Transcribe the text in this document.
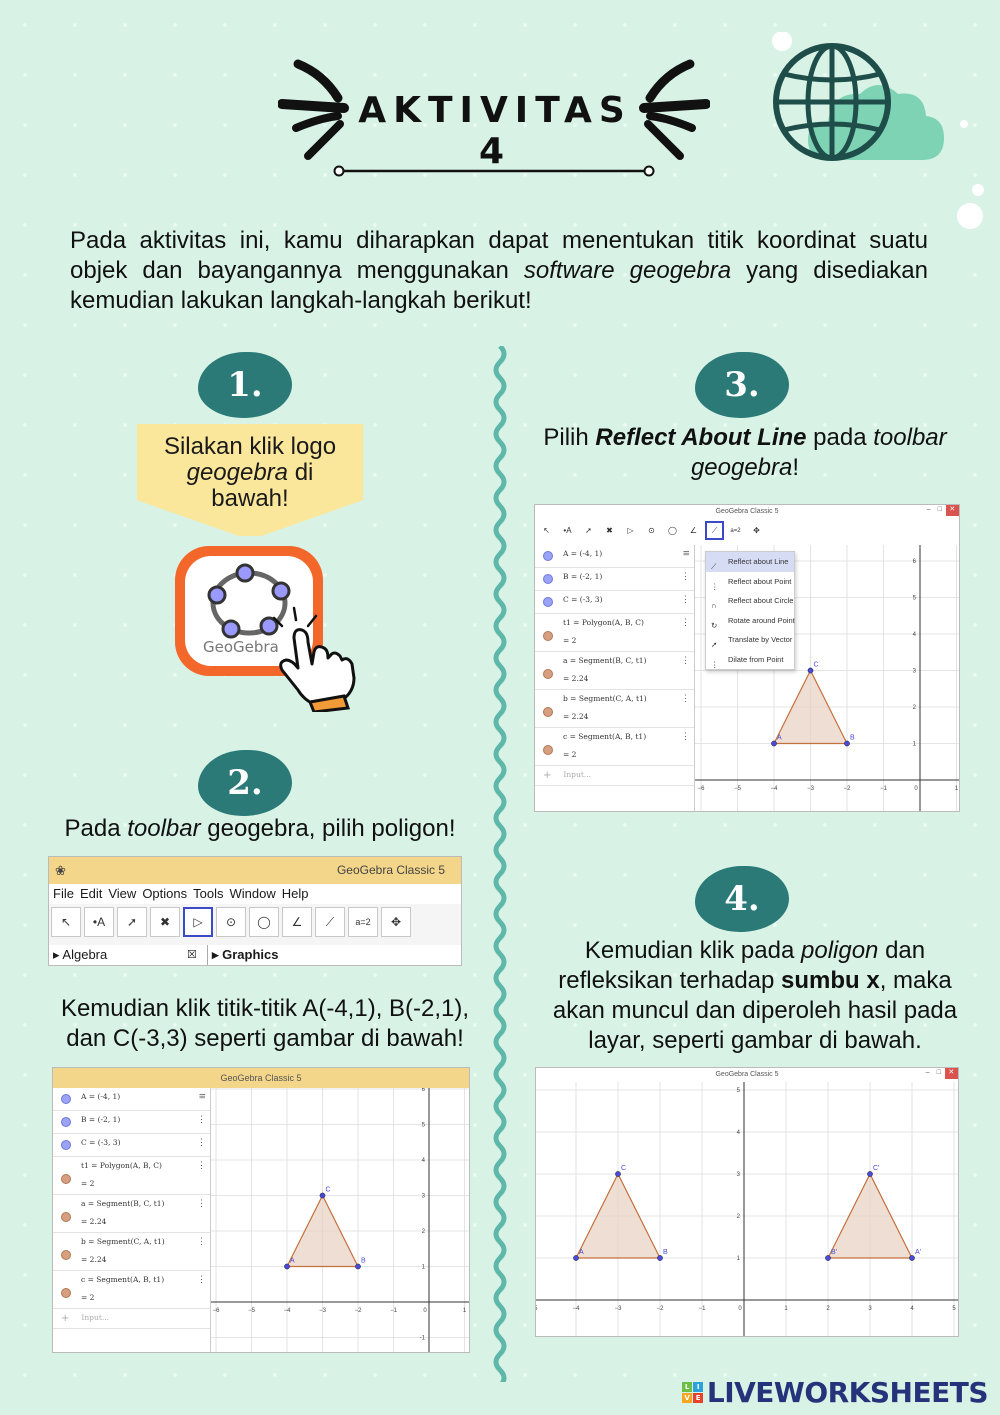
AKTIVITAS 4

Pada aktivitas ini, kamu diharapkan dapat menentukan titik koordinat suatu objek dan bayangannya menggunakan software geogebra yang disediakan kemudian lakukan langkah-langkah berikut!

1.
Silakan klik logo
geogebra di
bawah!
GeoGebra
2.
Pada toolbar geogebra, pilih poligon!
❀	GeoGebra Classic 5
File Edit View Options Tools Window Help
↖	•A	➚	✖	▷	⊙	◯	∠	⟋	a=2	✥
▸ Algebra	☒	▸ Graphics
Kemudian klik titik-titik A(-4,1), B(-2,1), dan C(-3,3) seperti gambar di bawah!
GeoGebra Classic 5
A = (-4, 1)	≡
B = (-2, 1)	⋮
C = (-3, 3)	⋮
t1 = Polygon(A, B, C)
= 2
⋮
a = Segment(B, C, t1)
= 2.24
⋮
b = Segment(C, A, t1)
= 2.24
⋮
c = Segment(A, B, t1)
= 2
⋮
+ Input...
−6	−5	−4	−3	−2	−1	1
-1
1
2
3
4
5
6
0
A	B
C
3.
Pilih Reflect About Line pada toolbar
geogebra!
GeoGebra Classic 5	–	□	✕
↖	•A	➚	✖	▷	⊙	◯	∠	⟋	a=2	✥
A = (-4, 1)	≡
B = (-2, 1)	⋮
C = (-3, 3)	⋮
t1 = Polygon(A, B, C)
= 2
⋮
a = Segment(B, C, t1)
= 2.24
⋮
b = Segment(C, A, t1)
= 2.24
⋮
c = Segment(A, B, t1)
= 2
⋮
+ Input...
−6	−5	−4	−3	−2	−1	1
1
2
3
4
5
6
0
A	B
C
⟋
Reflect about Line
⋮
Reflect about Point
∩
Reflect about Circle
↻
Rotate around Point
➚
Translate by Vector
⋮
Dilate from Point
4.
Kemudian klik pada poligon dan
refleksikan terhadap sumbu x, maka
akan muncul dan diperoleh hasil pada
layar, seperti gambar di bawah.
GeoGebra Classic 5	–	□	✕
−4	−3	−2	−1	1	2	3	4	5
1
2
3
4
5
0
A	B
C
A'
B'
C'
L	I
V E LIVEWORKSHEETS
